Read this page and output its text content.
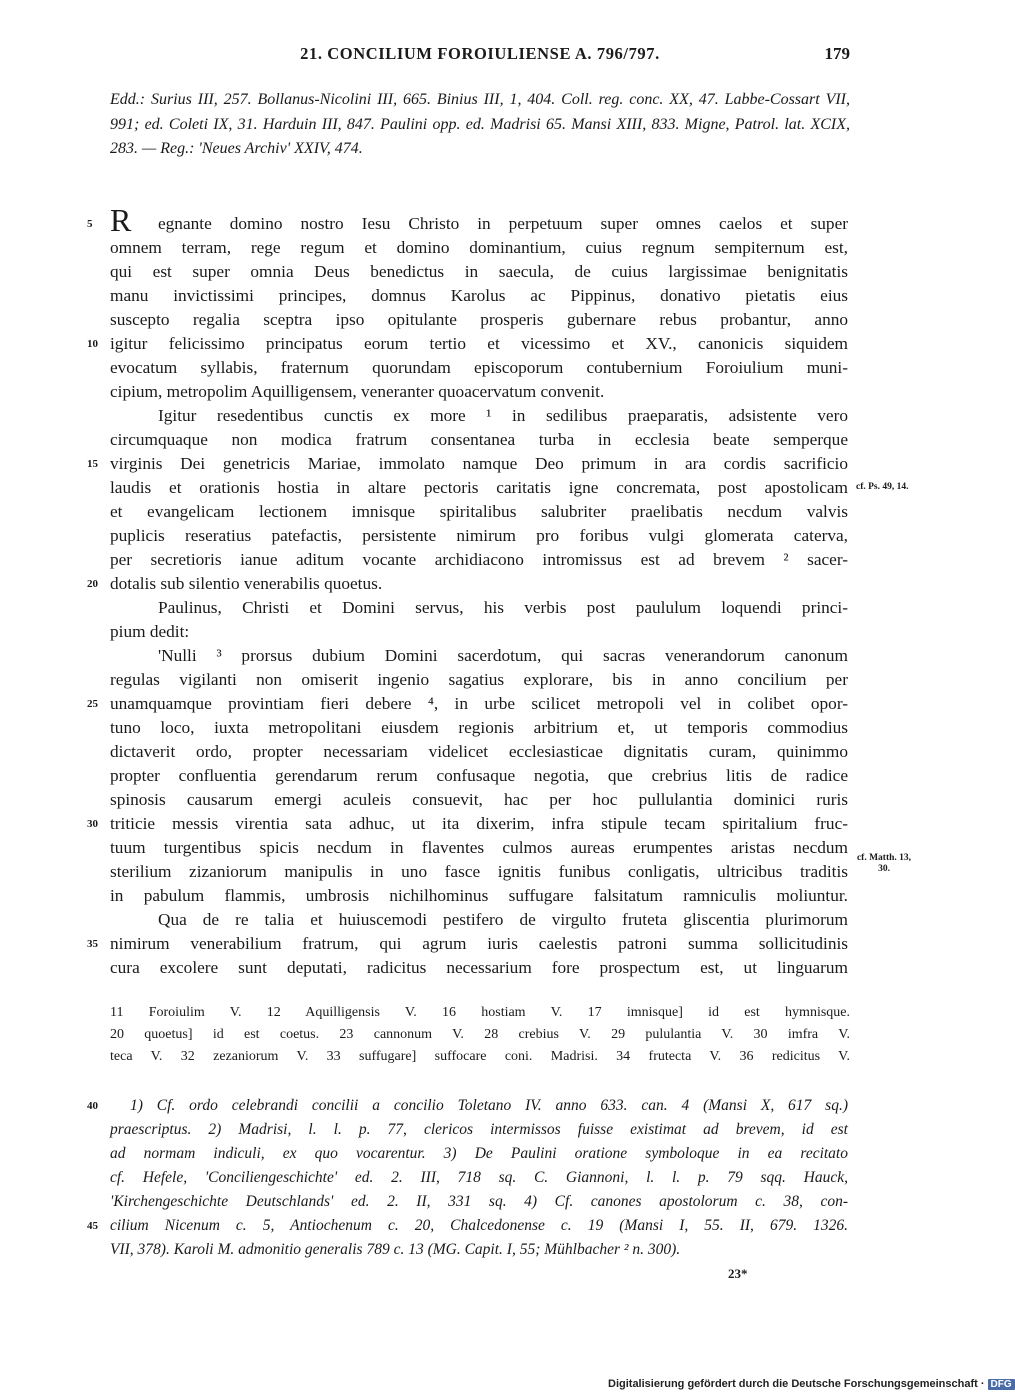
21. CONCILIUM FOROIULIENSE A. 796/797.	179
Edd.: Surius III, 257. Bollanus-Nicolini III, 665. Binius III, 1, 404. Coll. reg. conc. XX, 47. Labbe-Cossart VII, 991; ed. Coleti IX, 31. Harduin III, 847. Paulini opp. ed. Madrisi 65. Mansi XIII, 833. Migne, Patrol. lat. XCIX, 283. — Reg.: 'Neues Archiv' XXIV, 474.
egnante domino nostro Iesu Christo in perpetuum super omnes caelos et super
R
omnem terram, rege regum et domino dominantium, cuius regnum sempiternum est,
qui est super omnia Deus benedictus in saecula, de cuius largissimae benignitatis
manu invictissimi principes, domnus Karolus ac Pippinus, donativo pietatis eius
suscepto regalia sceptra ipso opitulante prosperis gubernare rebus probantur, anno
igitur felicissimo principatus eorum tertio et vicessimo et XV., canonicis siquidem
evocatum syllabis, fraternum quorundam episcoporum contubernium Foroiulium muni-
cipium, metropolim Aquilligensem, veneranter quoacervatum convenit.
Igitur resedentibus cunctis ex more ¹ in sedilibus praeparatis, adsistente vero
circumquaque non modica fratrum consentanea turba in ecclesia beate semperque
virginis Dei genetricis Mariae, immolato namque Deo primum in ara cordis sacrificio
laudis et orationis hostia in altare pectoris caritatis igne concremata, post apostolicam
et evangelicam lectionem imnisque spiritalibus salubriter praelibatis necdum valvis
puplicis reseratius patefactis, persistente nimirum pro foribus vulgi glomerata caterva,
per secretioris ianue aditum vocante archidiacono intromissus est ad brevem ² sacer-
dotalis sub silentio venerabilis quoetus.
Paulinus, Christi et Domini servus, his verbis post paululum loquendi princi-
pium dedit:
'Nulli ³ prorsus dubium Domini sacerdotum, qui sacras venerandorum canonum
regulas vigilanti non omiserit ingenio sagatius explorare, bis in anno concilium per
unamquamque provintiam fieri debere ⁴, in urbe scilicet metropoli vel in colibet opor-
tuno loco, iuxta metropolitani eiusdem regionis arbitrium et, ut temporis commodius
dictaverit ordo, propter necessariam videlicet ecclesiasticae dignitatis curam, quinimmo
propter confluentia gerendarum rerum confusaque negotia, que crebrius litis de radice
spinosis causarum emergi aculeis consuevit, hac per hoc pullulantia dominici ruris
triticie messis virentia sata adhuc, ut ita dixerim, infra stipule tecam spiritalium fruc-
tuum turgentibus spicis necdum in flaventes culmos aureas erumpentes aristas necdum
sterilium zizaniorum manipulis in uno fasce ignitis funibus conligatis, ultricibus traditis
in pabulum flammis, umbrosis nichilhominus suffugare falsitatum ramniculis moliuntur.
Qua de re talia et huiuscemodi pestifero de virgulto fruteta gliscentia plurimorum
nimirum venerabilium fratrum, qui agrum iuris caelestis patroni summa sollicitudinis
cura excolere sunt deputati, radicitus necessarium fore prospectum est, ut linguarum
5
10
15
20
25
30
35
cf. Ps. 49, 14.
cf. Matth. 13, 30.
11 Foroiulim V. 12 Aquilligensis V. 16 hostiam V. 17 imnisque] id est hymnisque.
20 quoetus] id est coetus. 23 cannonum V. 28 crebius V. 29 pululantia V. 30 imfra V.
teca V. 32 zezaniorum V. 33 suffugare] suffocare coni. Madrisi. 34 frutecta V. 36 redicitus V.
1) Cf. ordo celebrandi concilii a concilio Toletano IV. anno 633. can. 4 (Mansi X, 617 sq.)
praescriptus. 2) Madrisi, l. l. p. 77, clericos intermissos fuisse existimat ad brevem, id est
ad normam indiculi, ex quo vocarentur. 3) De Paulini oratione symboloque in ea recitato
cf. Hefele, 'Conciliengeschichte' ed. 2. III, 718 sq. C. Giannoni, l. l. p. 79 sqq. Hauck,
'Kirchengeschichte Deutschlands' ed. 2. II, 331 sq. 4) Cf. canones apostolorum c. 38, con-
cilium Nicenum c. 5, Antiochenum c. 20, Chalcedonense c. 19 (Mansi I, 55. II, 679. 1326.
VII, 378). Karoli M. admonitio generalis 789 c. 13 (MG. Capit. I, 55; Mühlbacher ² n. 300).
40
45
23*
Digitalisierung gefördert durch die Deutsche Forschungsgemeinschaft · DFG
